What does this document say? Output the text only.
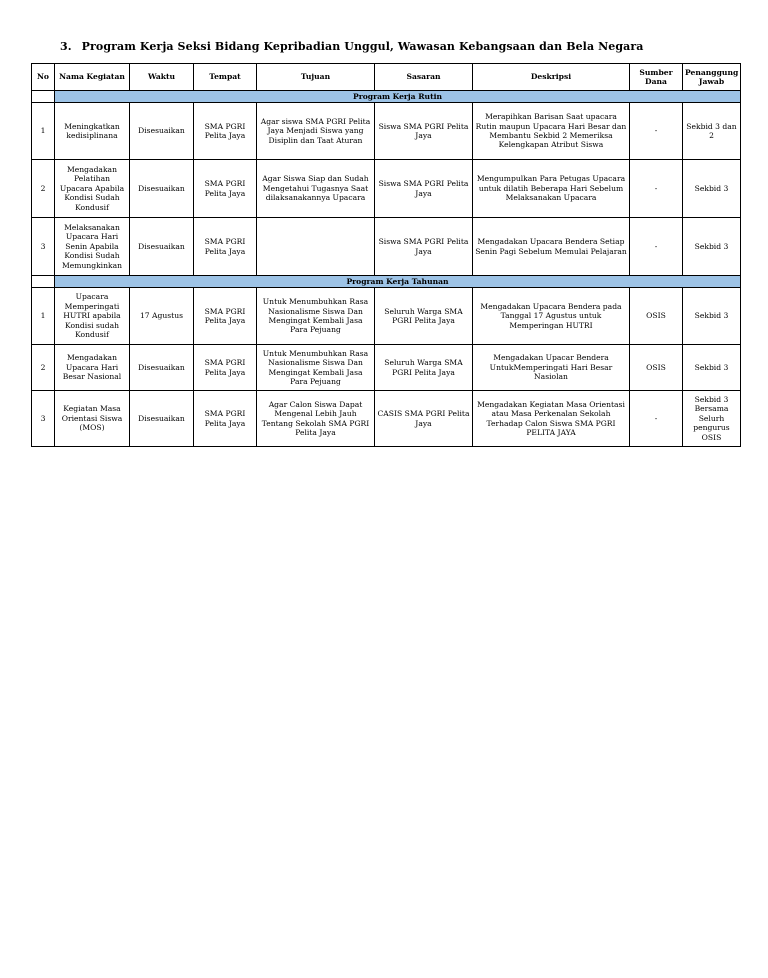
3. Program Kerja Seksi Bidang Kepribadian Unggul, Wawasan Kebangsaan dan Bela Negara
No	Nama Kegiatan	Waktu	Tempat	Tujuan	Sasaran	Deskripsi	Sumber Dana	Penanggung Jawab
	Program Kerja Rutin							
1	Meningkatkan kedisiplinana	Disesuaikan	SMA PGRI Pelita Jaya	Agar siswa SMA PGRI Pelita Jaya Menjadi Siswa yang Disiplin dan Taat Aturan	Siswa SMA PGRI Pelita Jaya	Merapihkan Barisan Saat upacara Rutin maupun Upacara Hari Besar dan Membantu Sekbid 2 Memeriksa Kelengkapan Atribut Siswa	-	Sekbid 3 dan 2
2	Mengadakan Pelatihan Upacara Apabila Kondisi Sudah Kondusif	Disesuaikan	SMA PGRI Pelita Jaya	Agar Siswa Siap dan Sudah Mengetahui Tugasnya Saat dilaksanakannya Upacara	Siswa SMA PGRI Pelita Jaya	Mengumpulkan Para Petugas Upacara untuk dilatih Beberapa Hari Sebelum Melaksanakan Upacara	-	Sekbid 3
3	Melaksanakan Upacara Hari Senin Apabila Kondisi Sudah Memungkinkan	Disesuaikan	SMA PGRI Pelita Jaya		Siswa SMA PGRI Pelita Jaya	Mengadakan Upacara Bendera Setiap Senin Pagi Sebelum Memulai Pelajaran	-	Sekbid 3
	Program Kerja Tahunan							
1	Upacara Memperingati HUTRI apabila Kondisi sudah Kondusif	17 Agustus	SMA PGRI Pelita Jaya	Untuk Menumbuhkan Rasa Nasionalisme Siswa Dan Mengingat Kembali Jasa Para Pejuang	Seluruh Warga SMA PGRI Pelita Jaya	Mengadakan Upacara Bendera pada Tanggal 17 Agustus untuk Memperingan HUTRI	OSIS	Sekbid 3
2	Mengadakan Upacara Hari Besar Nasional	Disesuaikan	SMA PGRI Pelita Jaya	Untuk Menumbuhkan Rasa Nasionalisme Siswa Dan Mengingat Kembali Jasa Para Pejuang	Seluruh Warga SMA PGRI Pelita Jaya	Mengadakan Upacar Bendera UntukMemperingati Hari Besar Nasiolan	OSIS	Sekbid 3
3	Kegiatan Masa Orientasi Siswa (MOS)	Disesuaikan	SMA PGRI Pelita Jaya	Agar Calon Siswa Dapat Mengenal Lebih Jauh Tentang Sekolah SMA PGRI Pelita Jaya	CASIS SMA PGRI Pelita Jaya	Mengadakan Kegiatan Masa Orientasi atau Masa Perkenalan Sekolah Terhadap Calon Siswa SMA PGRI PELITA JAYA	-	Sekbid 3 Bersama Selurh pengurus OSIS
